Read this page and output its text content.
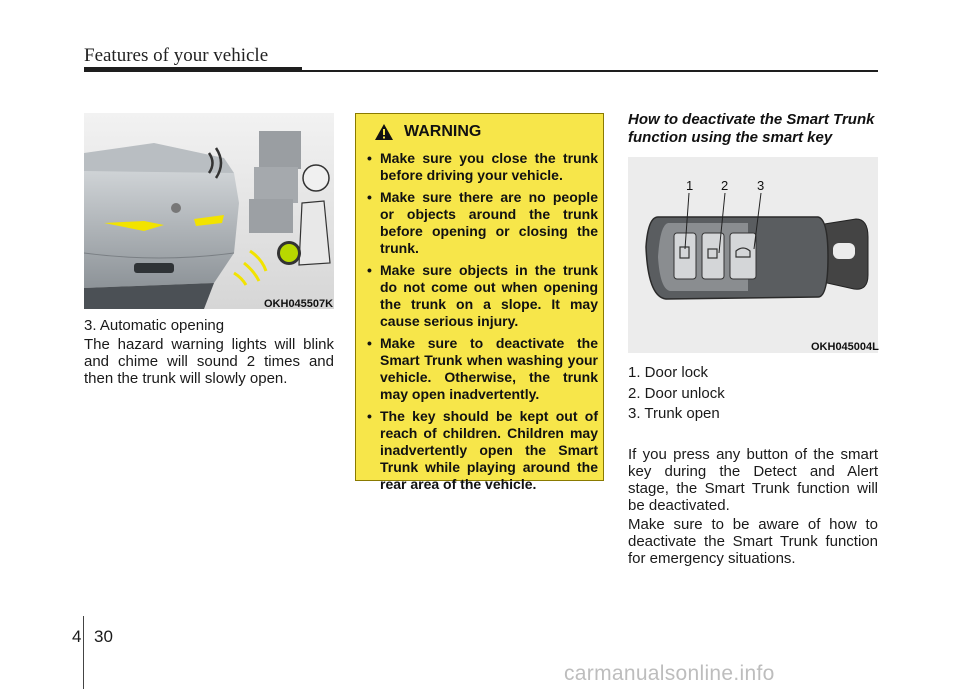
Features of your vehicle
OKH045507K
3. Automatic opening
The hazard warning lights will blink and chime will sound 2 times and then the trunk will slowly open.
WARNING
• Make sure you close the trunk before driving your vehicle.
• Make sure there are no people or objects around the trunk before opening or closing the trunk.
• Make sure objects in the trunk do not come out when opening the trunk on a slope. It may cause serious injury.
• Make sure to deactivate the Smart Trunk when washing your vehicle. Otherwise, the trunk may open inadvertently.
• The key should be kept out of reach of children. Children may inadvertently open the Smart Trunk while playing around the rear area of the vehicle.
How to deactivate the Smart Trunk function using the smart key
1 2 3
OKH045004L
1. Door lock
2. Door unlock
3. Trunk open
If you press any button of the smart key during the Detect and Alert stage, the Smart Trunk function will be deactivated.
Make sure to be aware of how to deactivate the Smart Trunk function for emergency situations.
4 30
carmanualsonline.info
